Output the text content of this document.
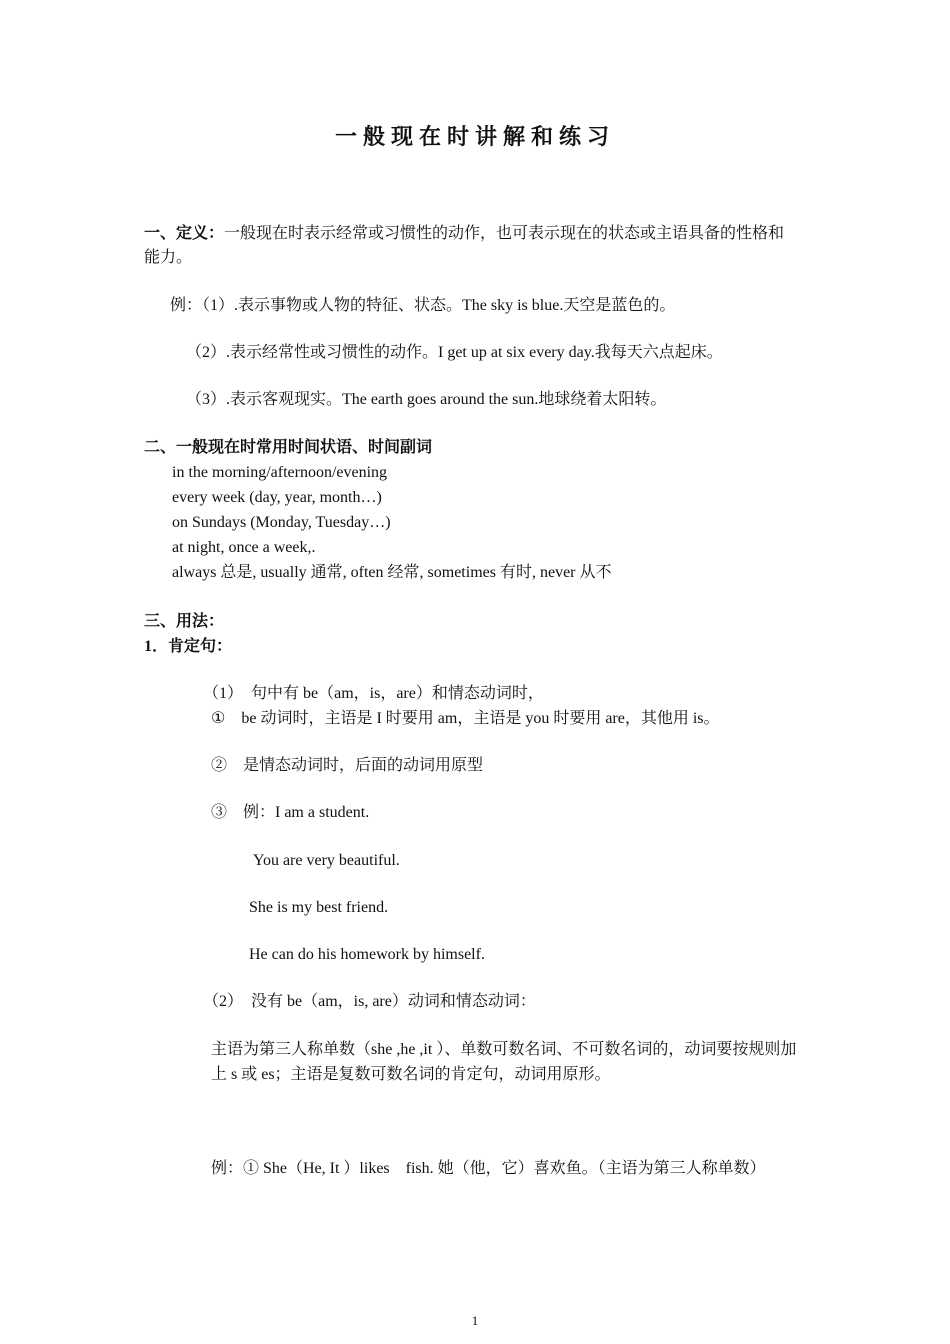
一般现在时讲解和练习
一、定义：一般现在时表示经常或习惯性的动作，也可表示现在的状态或主语具备的性格和
能力。
例：（1）.表示事物或人物的特征、状态。The sky is blue.天空是蓝色的。
（2）.表示经常性或习惯性的动作。I get up at six every day.我每天六点起床。
（3）.表示客观现实。The earth goes around the sun.地球绕着太阳转。
二、一般现在时常用时间状语、时间副词
in the morning/afternoon/evening
every week (day, year, month…)
on Sundays (Monday, Tuesday…)
at night, once a week,.
always 总是, usually 通常, often 经常, sometimes 有时, never 从不
三、用法：
1．肯定句：
（1）　句中有 be（am，is，are）和情态动词时，
①　be 动词时，主语是 I 时要用 am，主语是 you 时要用 are，其他用 is。
②　是情态动词时，后面的动词用原型
③　例：I am a student.
You are very beautiful.
She is my best friend.
He can do his homework by himself.
（2）　没有 be（am，is, are）动词和情态动词：
主语为第三人称单数（she ,he ,it ）、单数可数名词、不可数名词的，动词要按规则加
上 s 或 es；主语是复数可数名词的肯定句，动词用原形。
例：① She（He, It ）likes　fish. 她（他，它）喜欢鱼。（主语为第三人称单数）
1
